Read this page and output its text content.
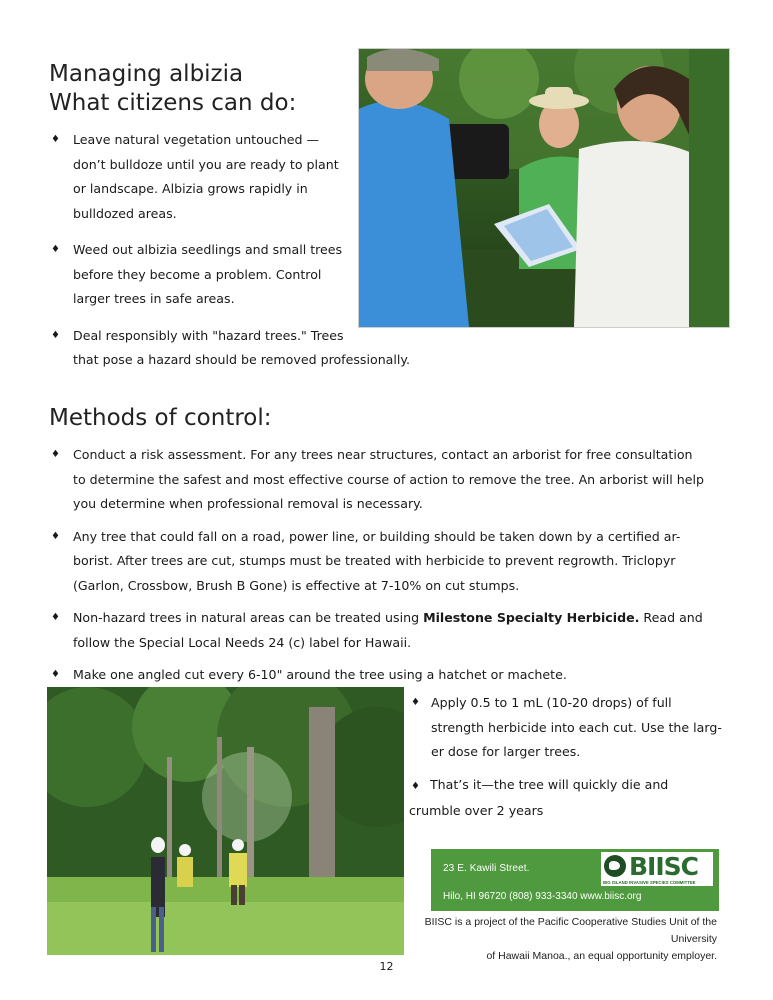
Managing albizia
What citizens can do:
♦ Leave natural vegetation untouched —
don’t bulldoze until you are ready to plant
or landscape. Albizia grows rapidly in
bulldozed areas.
♦ Weed out albizia seedlings and small trees
before they become a problem. Control
larger trees in safe areas.
♦ Deal responsibly with "hazard trees." Trees
that pose a hazard should be removed professionally.
Methods of control:
♦ Conduct a risk assessment. For any trees near structures, contact an arborist for free consultation
to determine the safest and most effective course of action to remove the tree. An arborist will help
you determine when professional removal is necessary.
♦ Any tree that could fall on a road, power line, or building should be taken down by a certified ar-
borist. After trees are cut, stumps must be treated with herbicide to prevent regrowth. Triclopyr
(Garlon, Crossbow, Brush B Gone) is effective at 7-10% on cut stumps.
♦ Non-hazard trees in natural areas can be treated using Milestone Specialty Herbicide. Read and
follow the Special Local Needs 24 (c) label for Hawaii.
♦ Make one angled cut every 6-10" around the tree using a hatchet or machete.
♦ Apply 0.5 to 1 mL (10-20 drops) of full
strength herbicide into each cut. Use the larg-
er dose for larger trees.
♦ That’s it—the tree will quickly die and
crumble over 2 years
23 E. Kawili Street.
Hilo, HI 96720 (808) 933-3340 www.biisc.org
BIISC
BIG ISLAND INVASIVE SPECIES COMMITTEE
BIISC is a project of the Pacific Cooperative Studies Unit of the University
of Hawaii Manoa., an equal opportunity employer.
12
